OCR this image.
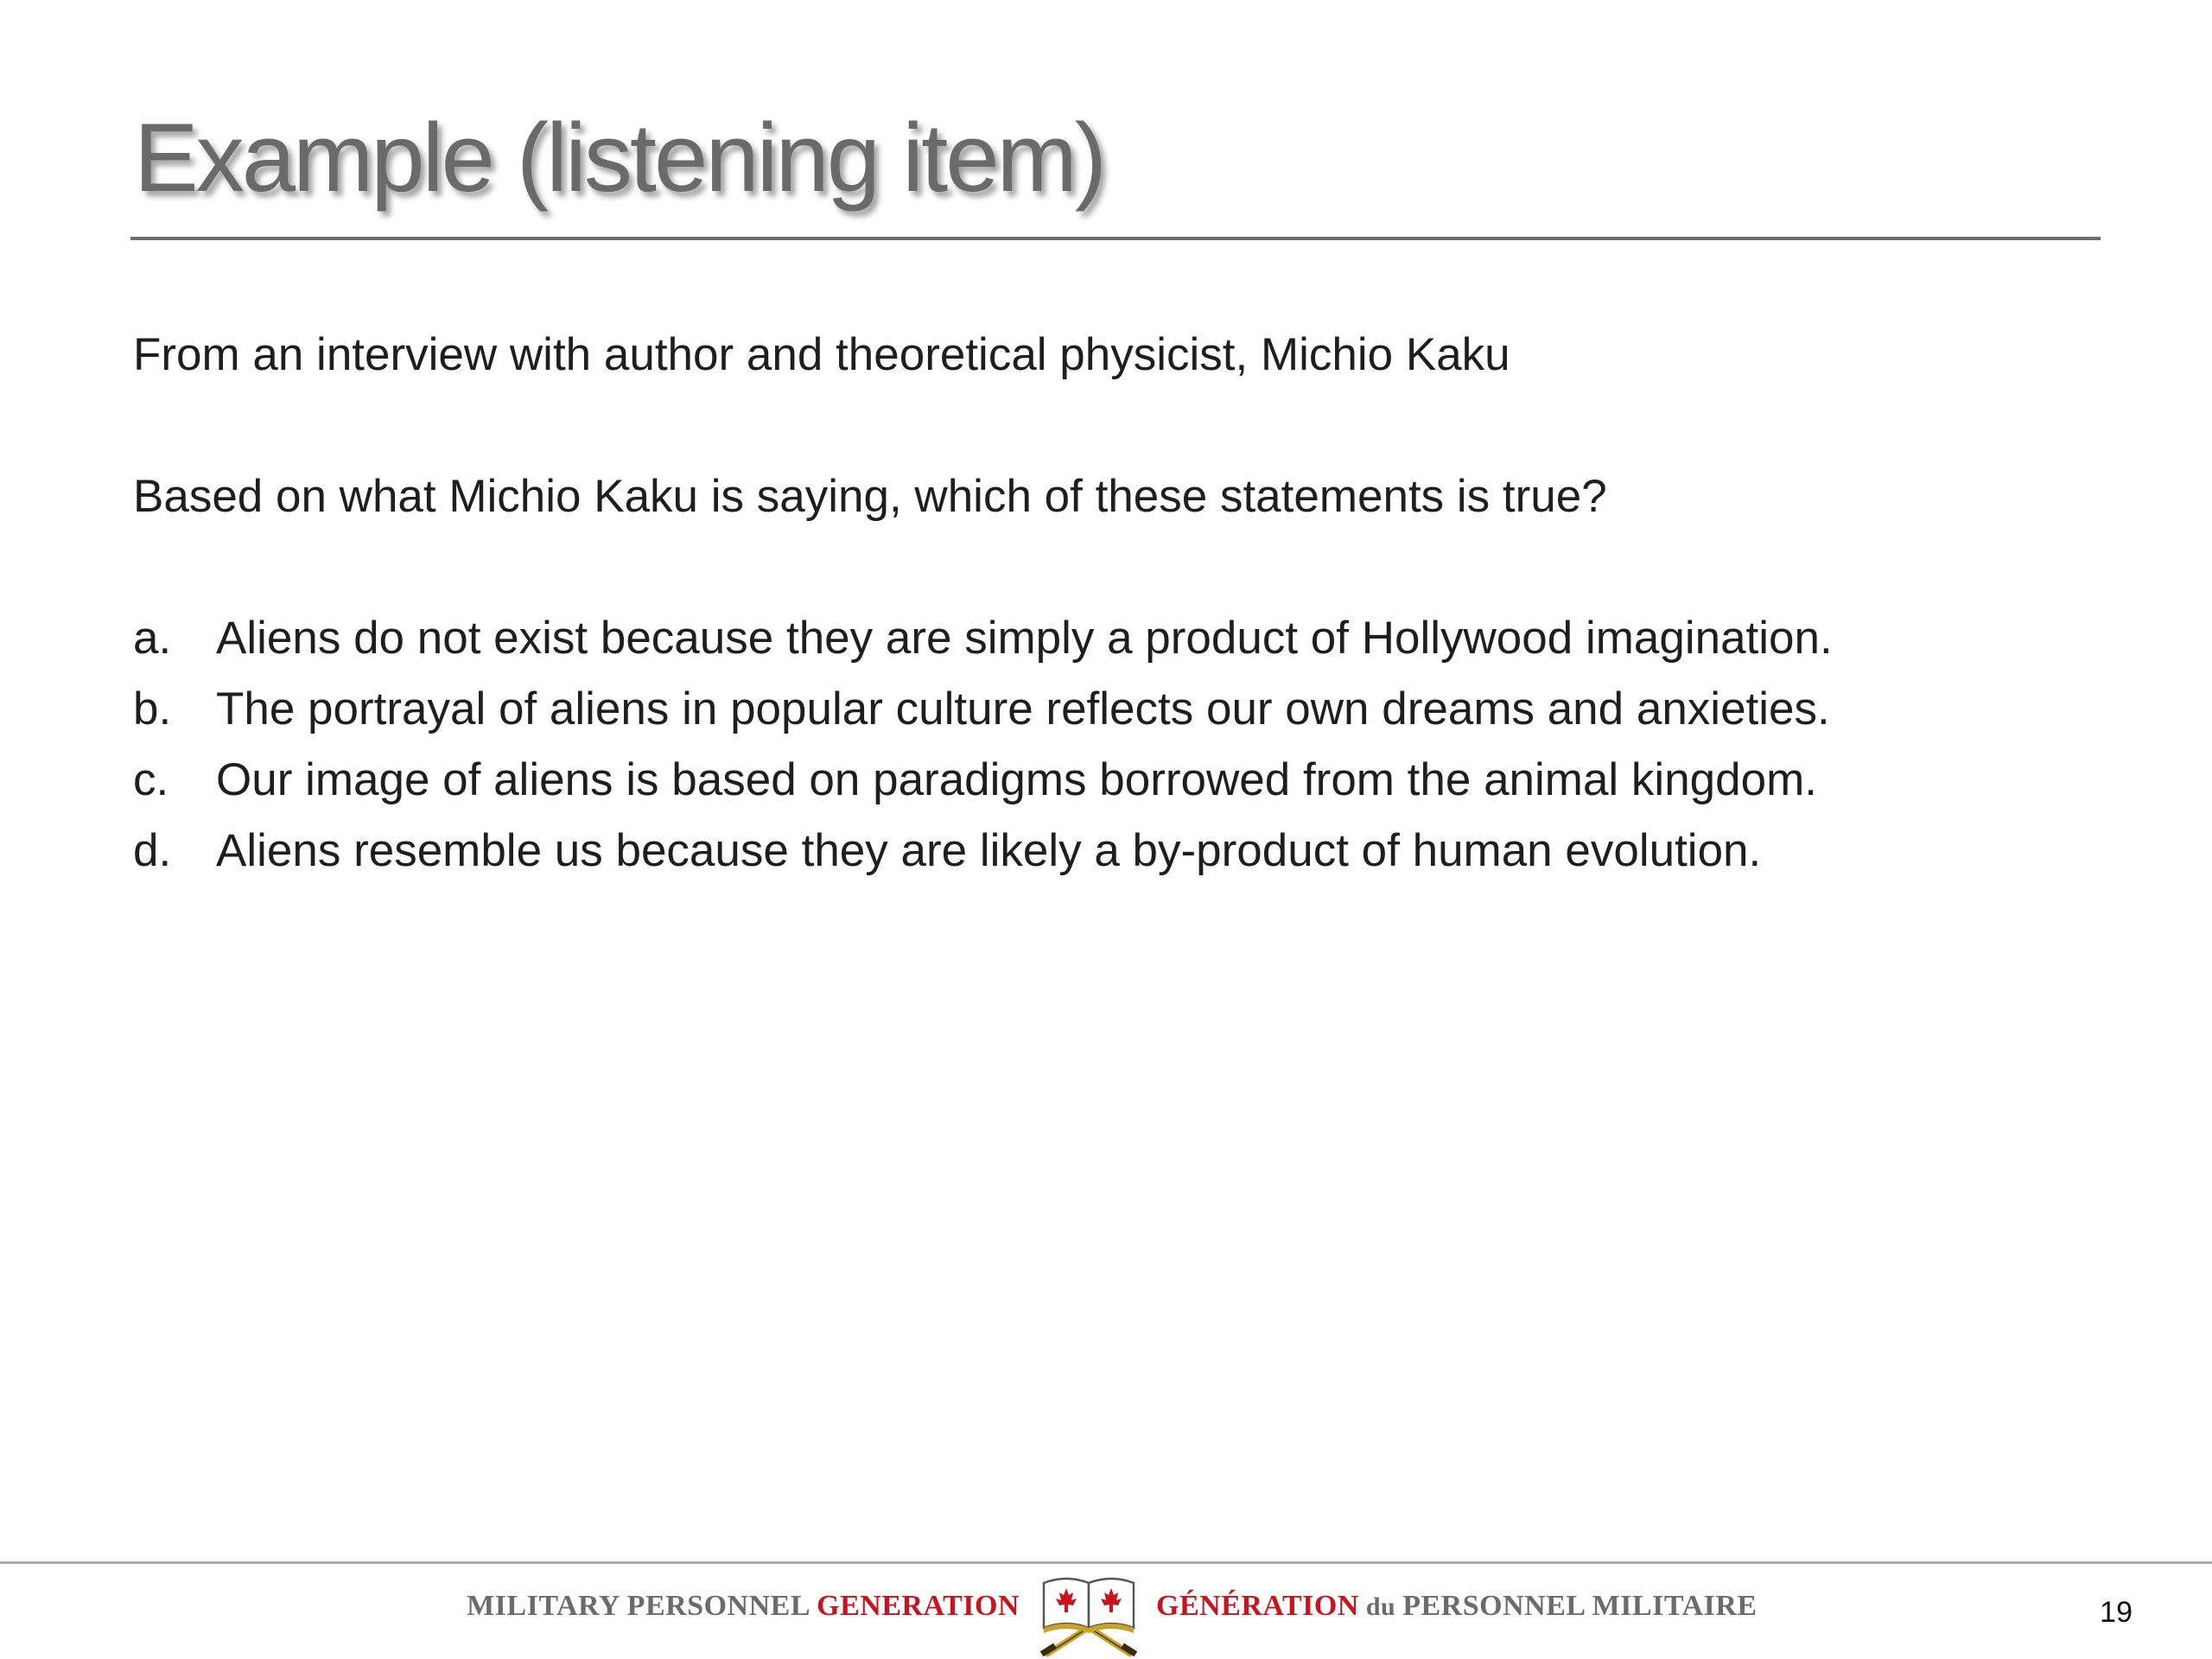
Example (listening item)
From an interview with author and theoretical physicist, Michio Kaku
Based on what Michio Kaku is saying, which of these statements is true?
a. Aliens do not exist because they are simply a product of Hollywood imagination.
b. The portrayal of aliens in popular culture reflects our own dreams and anxieties.
c. Our image of aliens is based on paradigms borrowed from the animal kingdom.
d. Aliens resemble us because they are likely a by-product of human evolution.
MILITARY PERSONNEL GENERATION	GÉNÉRATION du PERSONNEL MILITAIRE	19
